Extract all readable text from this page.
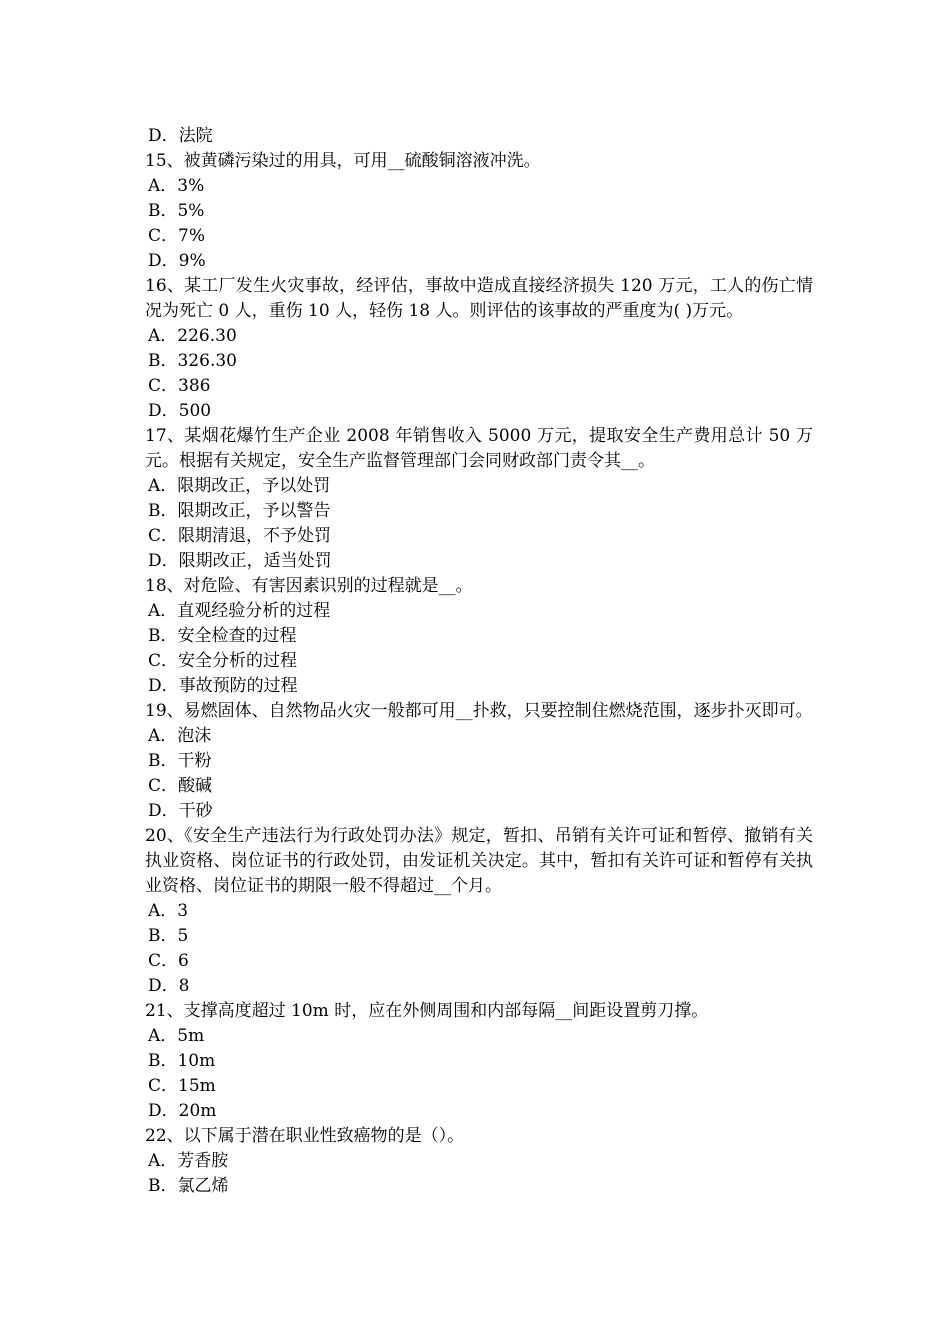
D．法院

15、被黄磷污染过的用具，可用__硫酸铜溶液冲洗。

A．3%

B．5%

C．7%

D．9%

16、某工厂发生火灾事故，经评估，事故中造成直接经济损失 120 万元，工人的伤亡情况为死亡 0 人，重伤 10 人，轻伤 18 人。则评估的该事故的严重度为( )万元。

A．226.30

B．326.30

C．386

D．500

17、某烟花爆竹生产企业 2008 年销售收入 5000 万元，提取安全生产费用总计 50 万元。根据有关规定，安全生产监督管理部门会同财政部门责令其__。

A．限期改正，予以处罚

B．限期改正，予以警告

C．限期清退，不予处罚

D．限期改正，适当处罚

18、对危险、有害因素识别的过程就是__。

A．直观经验分析的过程

B．安全检查的过程

C．安全分析的过程

D．事故预防的过程

19、易燃固体、自然物品火灾一般都可用__扑救，只要控制住燃烧范围，逐步扑灭即可。

A．泡沫

B．干粉

C．酸碱

D．干砂

20、《安全生产违法行为行政处罚办法》规定，暂扣、吊销有关许可证和暂停、撤销有关执业资格、岗位证书的行政处罚，由发证机关决定。其中，暂扣有关许可证和暂停有关执业资格、岗位证书的期限一般不得超过__个月。

A．3

B．5

C．6

D．8

21、支撑高度超过 10m 时，应在外侧周围和内部每隔__间距设置剪刀撑。

A．5m

B．10m

C．15m

D．20m

22、以下属于潜在职业性致癌物的是（）。

A．芳香胺

B．氯乙烯
